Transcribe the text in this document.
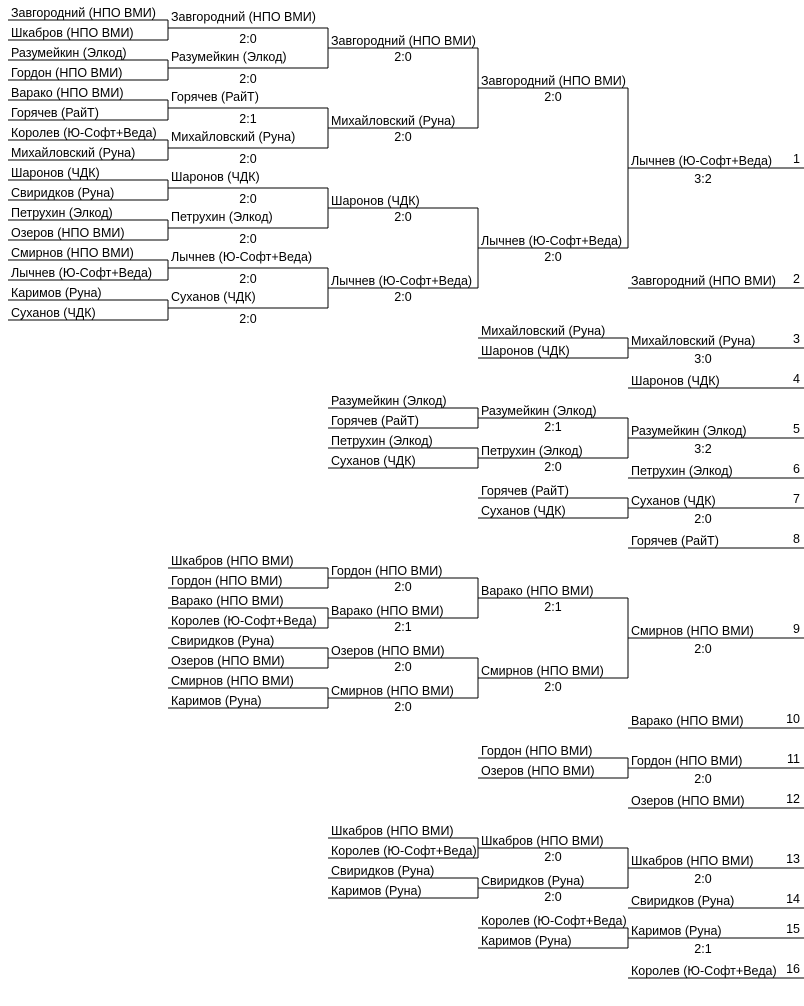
Завгородний (НПО ВМИ)
Шкабров (НПО ВМИ)
Разумейкин (Элкод)
Гордон (НПО ВМИ)
Варако (НПО ВМИ)
Горячев (РайТ)
Королев (Ю-Софт+Веда)
Михайловский (Руна)
Шаронов (ЧДК)
Свиридков (Руна)
Петрухин (Элкод)
Озеров (НПО ВМИ)
Смирнов (НПО ВМИ)
Лычнев (Ю-Софт+Веда)
Каримов (Руна)
Суханов (ЧДК)
Завгородний (НПО ВМИ)
2:0
Разумейкин (Элкод)
2:0
Горячев (РайТ)
2:1
Михайловский (Руна)
2:0
Шаронов (ЧДК)
2:0
Петрухин (Элкод)
2:0
Лычнев (Ю-Софт+Веда)
2:0
Суханов (ЧДК)
2:0
Завгородний (НПО ВМИ)
2:0
Михайловский (Руна)
2:0
Шаронов (ЧДК)
2:0
Лычнев (Ю-Софт+Веда)
2:0
Завгородний (НПО ВМИ)
2:0
Лычнев (Ю-Софт+Веда)
2:0
Лычнев (Ю-Софт+Веда)
3:2
1
Завгородний (НПО ВМИ)	2
Михайловский (Руна)
Шаронов (ЧДК)
Михайловский (Руна)
3:0
3
Шаронов (ЧДК)	4
Разумейкин (Элкод)
Горячев (РайТ)
Петрухин (Элкод)
Суханов (ЧДК)
Разумейкин (Элкод)
2:1
Петрухин (Элкод)
2:0
Разумейкин (Элкод)
3:2
5
Петрухин (Элкод)	6
Горячев (РайТ)
Суханов (ЧДК)
Суханов (ЧДК)
2:0
7
Горячев (РайТ)	8
Шкабров (НПО ВМИ)
Гордон (НПО ВМИ)
Варако (НПО ВМИ)
Королев (Ю-Софт+Веда)
Свиридков (Руна)
Озеров (НПО ВМИ)
Смирнов (НПО ВМИ)
Каримов (Руна)
Гордон (НПО ВМИ)
2:0
Варако (НПО ВМИ)
2:1
Озеров (НПО ВМИ)
2:0
Смирнов (НПО ВМИ)
2:0
Варако (НПО ВМИ)
2:1
Смирнов (НПО ВМИ)
2:0
Смирнов (НПО ВМИ)
2:0
9
Варако (НПО ВМИ)	10
Гордон (НПО ВМИ)
Озеров (НПО ВМИ)
Гордон (НПО ВМИ)
2:0
11
Озеров (НПО ВМИ)	12
Шкабров (НПО ВМИ)
Королев (Ю-Софт+Веда)
Свиридков (Руна)
Каримов (Руна)
Шкабров (НПО ВМИ)
2:0
Свиридков (Руна)
2:0
Шкабров (НПО ВМИ)
2:0
13
Свиридков (Руна)	14
Королев (Ю-Софт+Веда)
Каримов (Руна)
Каримов (Руна)
2:1
15
Королев (Ю-Софт+Веда) 16
